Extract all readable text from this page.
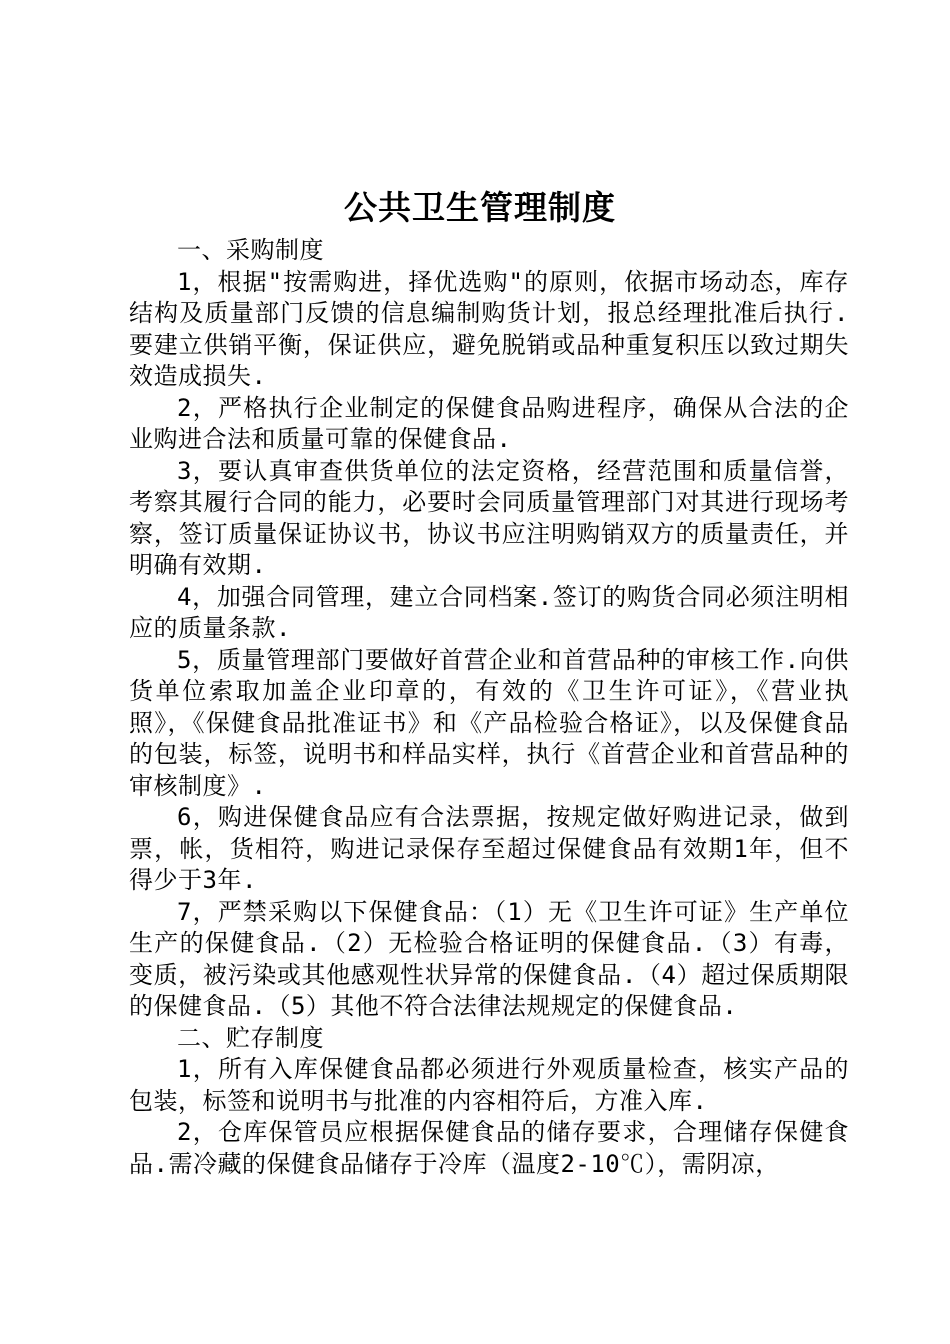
公共卫生管理制度

一、采购制度

1，根据"按需购进，择优选购"的原则，依据市场动态，库存结构及质量部门反馈的信息编制购货计划，报总经理批准后执行.要建立供销平衡，保证供应，避免脱销或品种重复积压以致过期失效造成损失.

2，严格执行企业制定的保健食品购进程序，确保从合法的企业购进合法和质量可靠的保健食品.

3，要认真审查供货单位的法定资格，经营范围和质量信誉，考察其履行合同的能力，必要时会同质量管理部门对其进行现场考察，签订质量保证协议书，协议书应注明购销双方的质量责任，并明确有效期.

4，加强合同管理，建立合同档案.签订的购货合同必须注明相应的质量条款.

5，质量管理部门要做好首营企业和首营品种的审核工作.向供货单位索取加盖企业印章的，有效的《卫生许可证》，《营业执照》，《保健食品批准证书》和《产品检验合格证》，以及保健食品的包装，标签，说明书和样品实样，执行《首营企业和首营品种的审核制度》.

6，购进保健食品应有合法票据，按规定做好购进记录，做到票，帐，货相符，购进记录保存至超过保健食品有效期1年，但不得少于3年.

7，严禁采购以下保健食品：（1）无《卫生许可证》生产单位生产的保健食品.（2）无检验合格证明的保健食品.（3）有毒，变质，被污染或其他感观性状异常的保健食品.（4）超过保质期限的保健食品.（5）其他不符合法律法规规定的保健食品.

二、贮存制度

1，所有入库保健食品都必须进行外观质量检查，核实产品的包装，标签和说明书与批准的内容相符后，方准入库.

2，仓库保管员应根据保健食品的储存要求，合理储存保健食品.需冷藏的保健食品储存于冷库（温度2-10℃），需阴凉，
